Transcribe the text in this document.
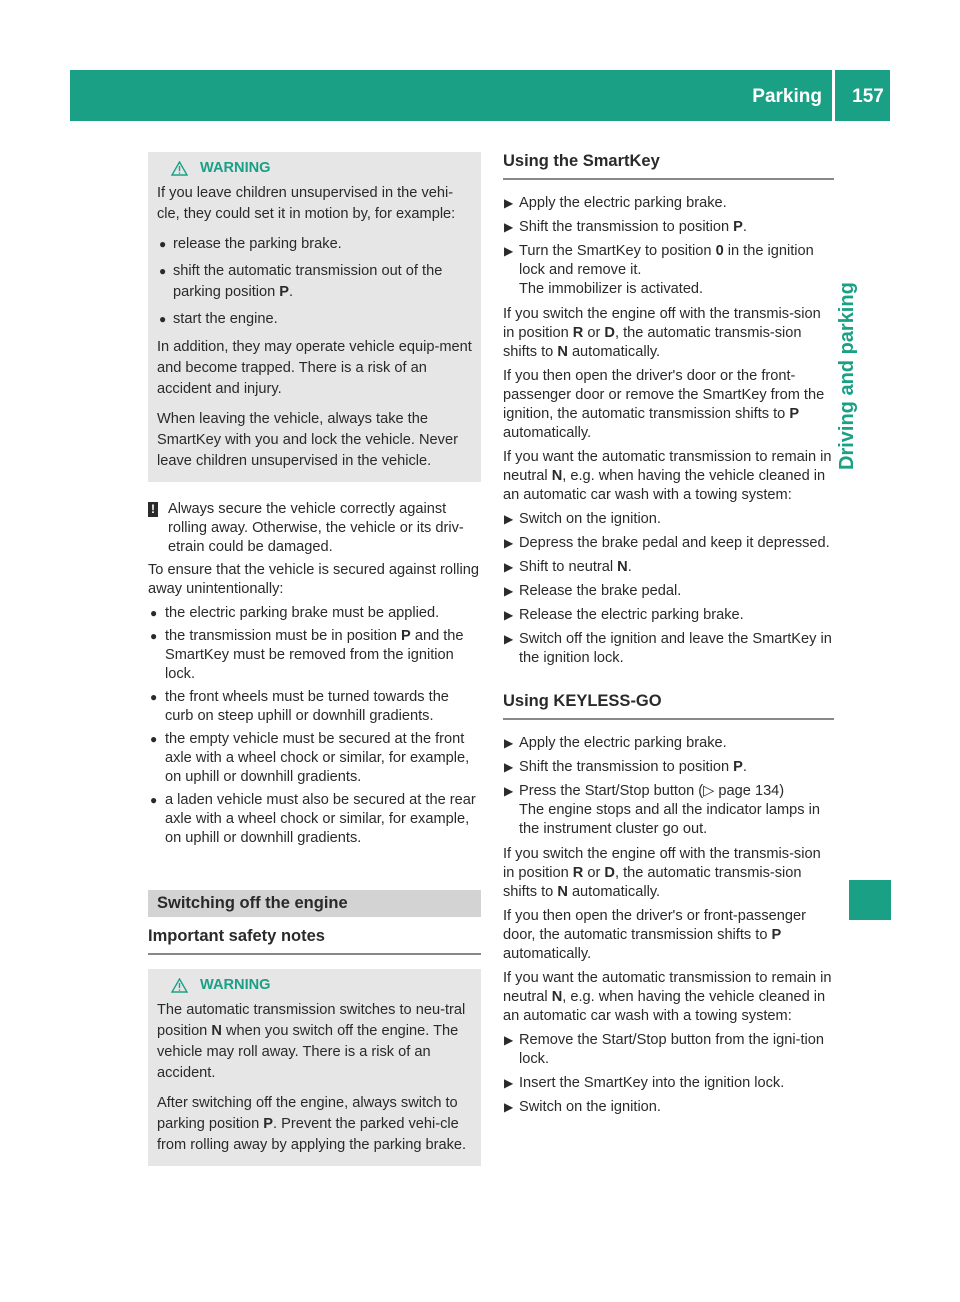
Parking	157
Driving and parking
WARNING

If you leave children unsupervised in the vehi-cle, they could set it in motion by, for example:

● release the parking brake.
● shift the automatic transmission out of the parking position P.
● start the engine.

In addition, they may operate vehicle equip-ment and become trapped. There is a risk of an accident and injury.

When leaving the vehicle, always take the SmartKey with you and lock the vehicle. Never leave children unsupervised in the vehicle.

! Always secure the vehicle correctly against rolling away. Otherwise, the vehicle or its driv-etrain could be damaged.

To ensure that the vehicle is secured against rolling away unintentionally:

● the electric parking brake must be applied.
● the transmission must be in position P and the SmartKey must be removed from the ignition lock.
● the front wheels must be turned towards the curb on steep uphill or downhill gradients.
● the empty vehicle must be secured at the front axle with a wheel chock or similar, for example, on uphill or downhill gradients.
● a laden vehicle must also be secured at the rear axle with a wheel chock or similar, for example, on uphill or downhill gradients.
Switching off the engine
Important safety notes
WARNING

The automatic transmission switches to neu-tral position N when you switch off the engine. The vehicle may roll away. There is a risk of an accident.

After switching off the engine, always switch to parking position P. Prevent the parked vehi-cle from rolling away by applying the parking brake.

Using the SmartKey
▶ Apply the electric parking brake.
▶ Shift the transmission to position P.
▶ Turn the SmartKey to position 0 in the ignition lock and remove it.
The immobilizer is activated.

If you switch the engine off with the transmis-sion in position R or D, the automatic transmis-sion shifts to N automatically.

If you then open the driver's door or the front-passenger door or remove the SmartKey from the ignition, the automatic transmission shifts to P automatically.

If you want the automatic transmission to remain in neutral N, e.g. when having the vehicle cleaned in an automatic car wash with a towing system:

▶ Switch on the ignition.
▶ Depress the brake pedal and keep it depressed.
▶ Shift to neutral N.
▶ Release the brake pedal.
▶ Release the electric parking brake.
▶ Switch off the ignition and leave the SmartKey in the ignition lock.
Using KEYLESS-GO
▶ Apply the electric parking brake.
▶ Shift the transmission to position P.
▶ Press the Start/Stop button (▷ page 134)
The engine stops and all the indicator lamps in the instrument cluster go out.

If you switch the engine off with the transmis-sion in position R or D, the automatic transmis-sion shifts to N automatically.

If you then open the driver's or front-passenger door, the automatic transmission shifts to P automatically.

If you want the automatic transmission to remain in neutral N, e.g. when having the vehicle cleaned in an automatic car wash with a towing system:

▶ Remove the Start/Stop button from the igni-tion lock.
▶ Insert the SmartKey into the ignition lock.
▶ Switch on the ignition.
